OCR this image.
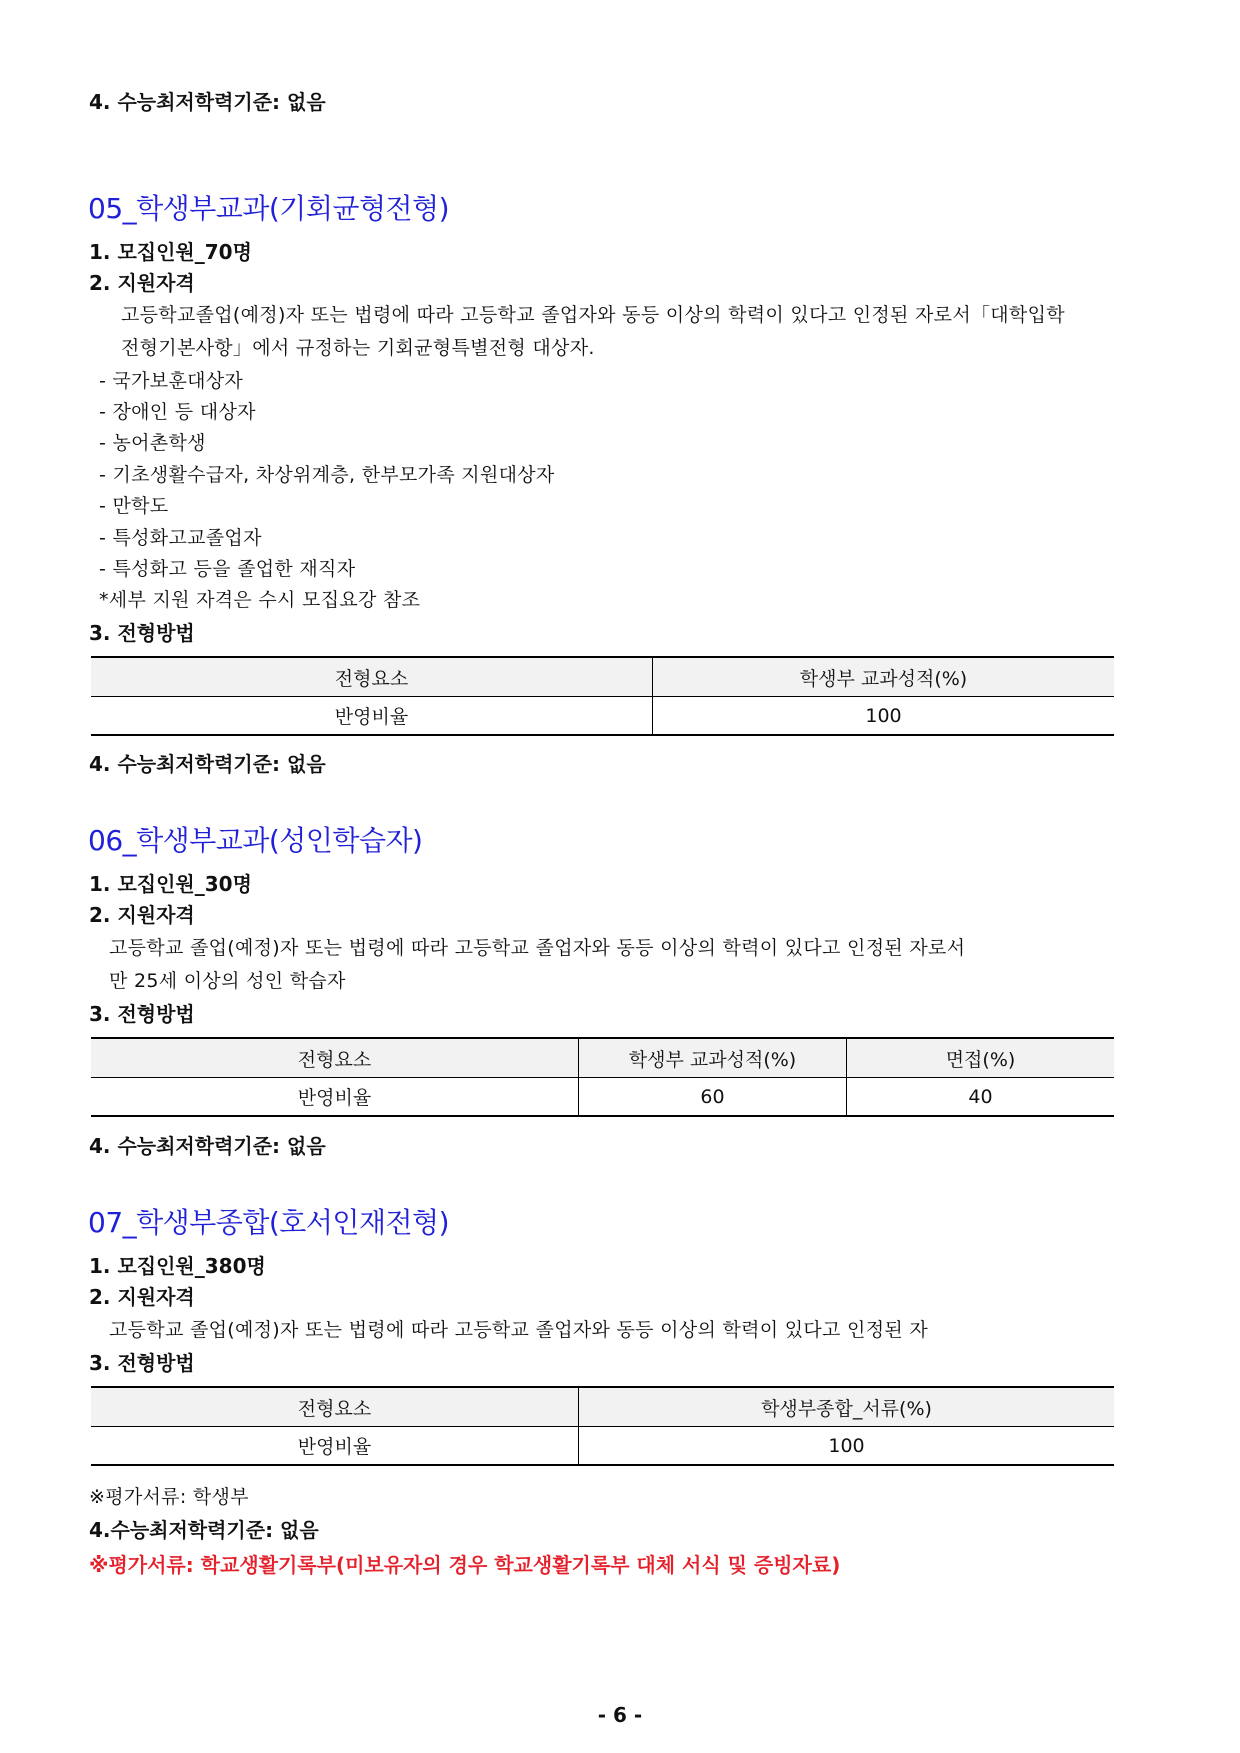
4. 수능최저학력기준: 없음
05_학생부교과(기회균형전형)
1. 모집인원_70명
2. 지원자격
고등학교졸업(예정)자 또는 법령에 따라 고등학교 졸업자와 동등 이상의 학력이 있다고 인정된 자로서「대학입학
전형기본사항」에서 규정하는 기회균형특별전형 대상자.
- 국가보훈대상자
- 장애인 등 대상자
- 농어촌학생
- 기초생활수급자, 차상위계층, 한부모가족 지원대상자
- 만학도
- 특성화고교졸업자
- 특성화고 등을 졸업한 재직자
*세부 지원 자격은 수시 모집요강 참조
3. 전형방법
전형요소	학생부 교과성적(%)
반영비율	100
4. 수능최저학력기준: 없음
06_학생부교과(성인학습자)
1. 모집인원_30명
2. 지원자격
고등학교 졸업(예정)자 또는 법령에 따라 고등학교 졸업자와 동등 이상의 학력이 있다고 인정된 자로서
만 25세 이상의 성인 학습자
3. 전형방법
전형요소	학생부 교과성적(%)	면접(%)
반영비율	60	40
4. 수능최저학력기준: 없음
07_학생부종합(호서인재전형)
1. 모집인원_380명
2. 지원자격
고등학교 졸업(예정)자 또는 법령에 따라 고등학교 졸업자와 동등 이상의 학력이 있다고 인정된 자
3. 전형방법
전형요소	학생부종합_서류(%)
반영비율	100
※평가서류: 학생부
4.수능최저학력기준: 없음
※평가서류: 학교생활기록부(미보유자의 경우 학교생활기록부 대체 서식 및 증빙자료)
- 6 -
